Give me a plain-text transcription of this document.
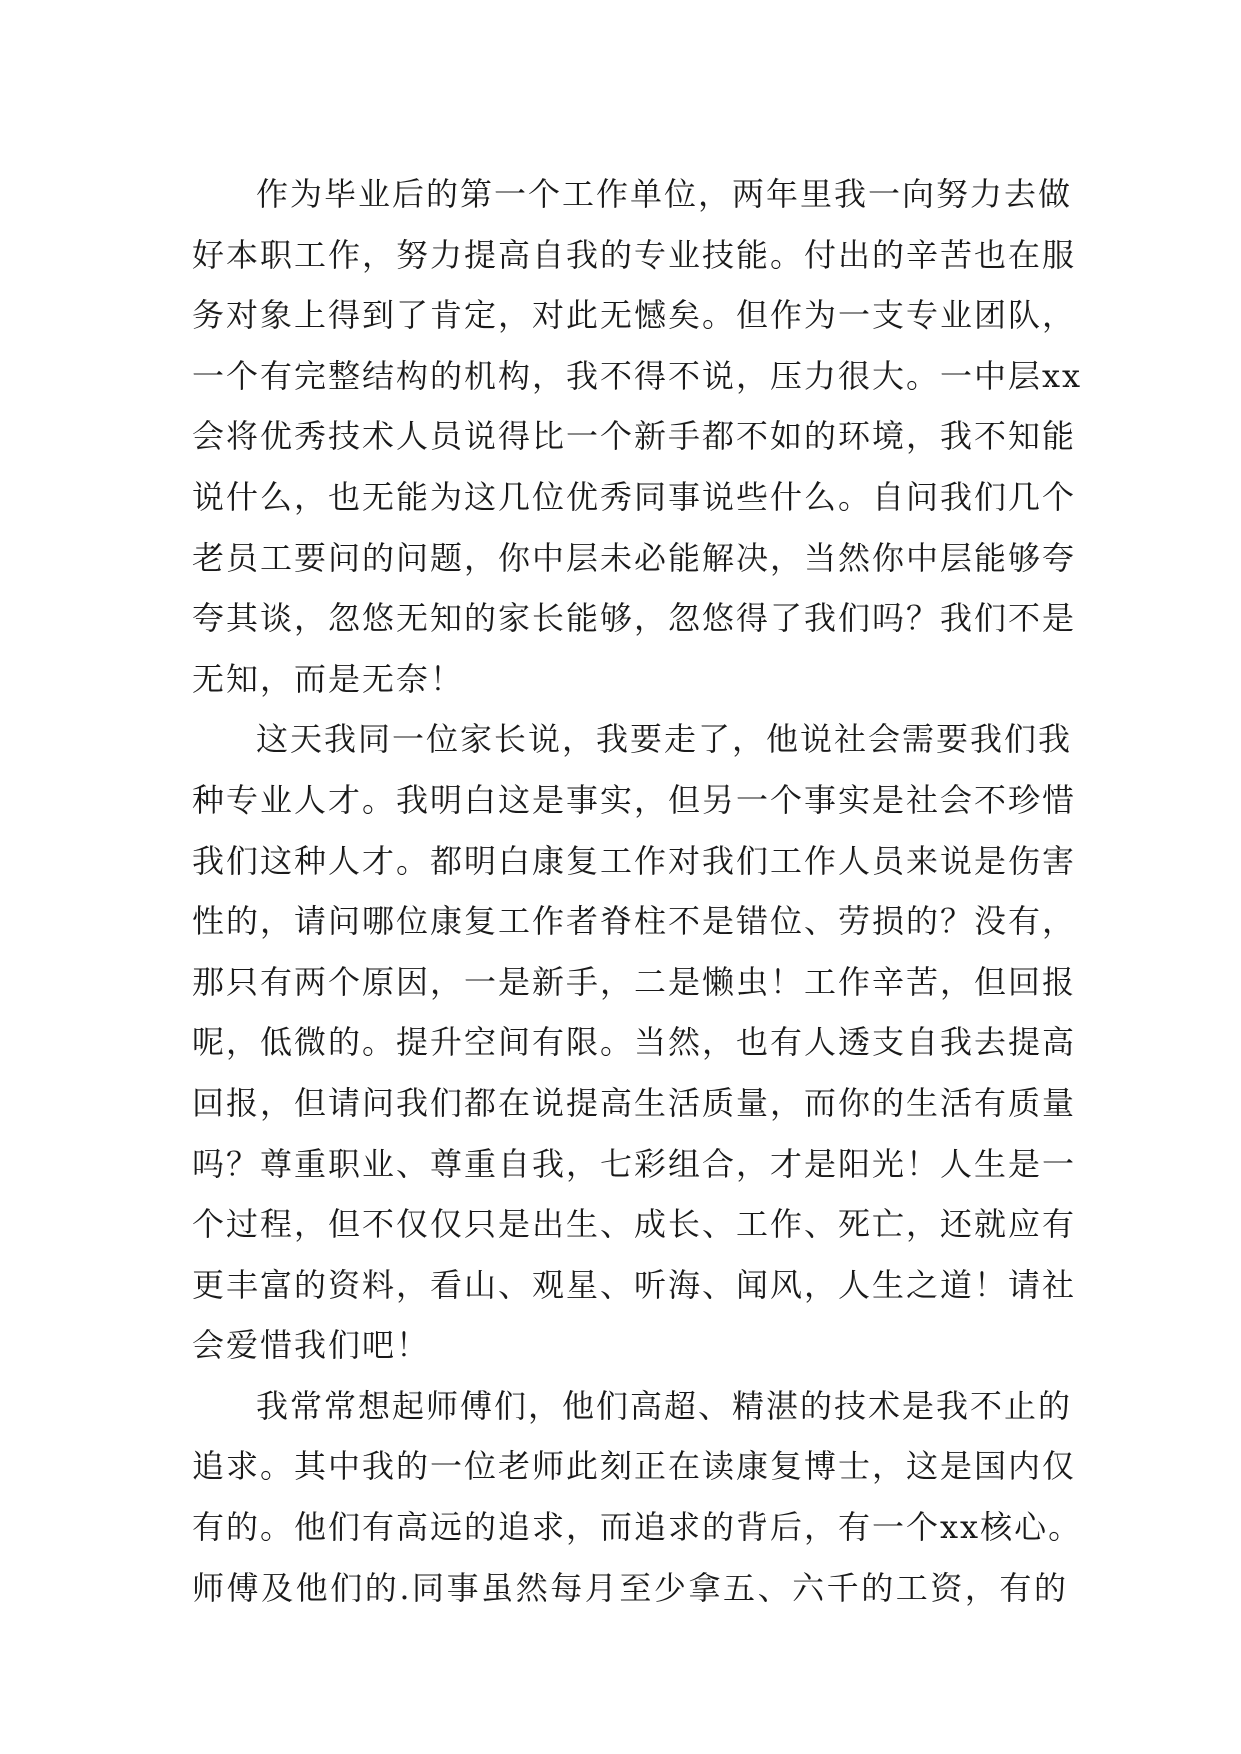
作为毕业后的第一个工作单位，两年里我一向努力去做
好本职工作，努力提高自我的专业技能。付出的辛苦也在服
务对象上得到了肯定，对此无憾矣。但作为一支专业团队，
一个有完整结构的机构，我不得不说，压力很大。一中层xx
会将优秀技术人员说得比一个新手都不如的环境，我不知能
说什么，也无能为这几位优秀同事说些什么。自问我们几个
老员工要问的问题，你中层未必能解决，当然你中层能够夸
夸其谈，忽悠无知的家长能够，忽悠得了我们吗？我们不是
无知，而是无奈！
这天我同一位家长说，我要走了，他说社会需要我们我
种专业人才。我明白这是事实，但另一个事实是社会不珍惜
我们这种人才。都明白康复工作对我们工作人员来说是伤害
性的，请问哪位康复工作者脊柱不是错位、劳损的？没有，
那只有两个原因，一是新手，二是懒虫！工作辛苦，但回报
呢，低微的。提升空间有限。当然，也有人透支自我去提高
回报，但请问我们都在说提高生活质量，而你的生活有质量
吗？尊重职业、尊重自我，七彩组合，才是阳光！人生是一
个过程，但不仅仅只是出生、成长、工作、死亡，还就应有
更丰富的资料，看山、观星、听海、闻风，人生之道！请社
会爱惜我们吧！
我常常想起师傅们，他们高超、精湛的技术是我不止的
追求。其中我的一位老师此刻正在读康复博士，这是国内仅
有的。他们有高远的追求，而追求的背后，有一个xx核心。
师傅及他们的.同事虽然每月至少拿五、六千的工资，有的
